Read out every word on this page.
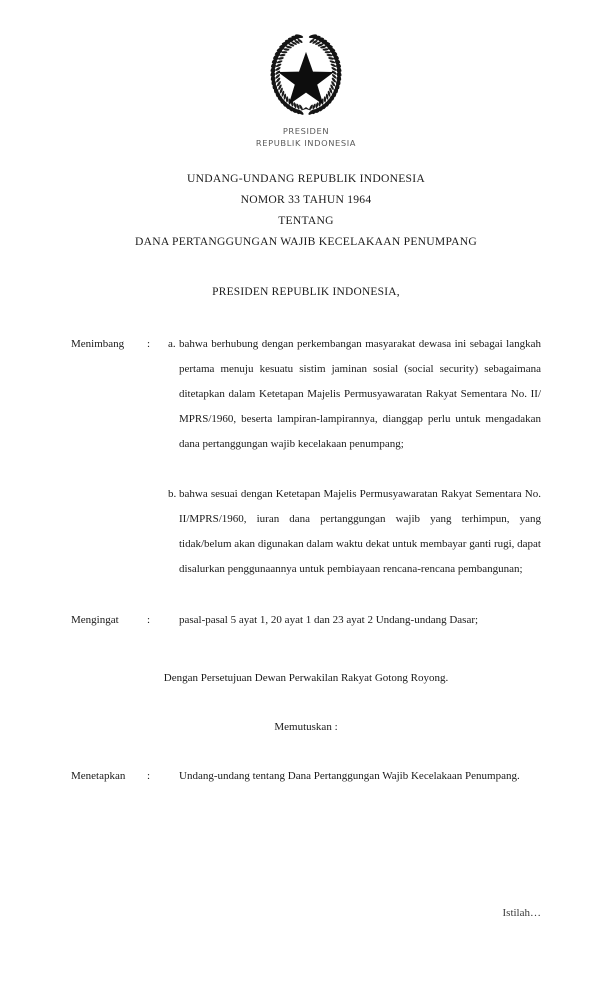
PRESIDEN
REPUBLIK INDONESIA
UNDANG-UNDANG REPUBLIK INDONESIA
NOMOR 33 TAHUN 1964
TENTANG
DANA PERTANGGUNGAN WAJIB KECELAKAAN PENUMPANG
PRESIDEN REPUBLIK INDONESIA,
Menimbang	:	a. bahwa berhubung dengan perkembangan masyarakat dewasa ini sebagai langkah pertama menuju kesuatu sistim jaminan sosial (social security) sebagaimana ditetapkan dalam Ketetapan Majelis Permusyawaratan Rakyat Sementara No. II/ MPRS/1960, beserta lampiran-lampirannya, dianggap perlu untuk mengadakan dana pertanggungan wajib kecelakaan penumpang;
b. bahwa sesuai dengan Ketetapan Majelis Permusyawaratan Rakyat Sementara No. II/MPRS/1960, iuran dana pertanggungan wajib yang terhimpun, yang tidak/belum akan digunakan dalam waktu dekat untuk membayar ganti rugi, dapat disalurkan penggunaannya untuk pembiayaan rencana-rencana pembangunan;
Mengingat	:	pasal-pasal 5 ayat 1, 20 ayat 1 dan 23 ayat 2 Undang-undang Dasar;
Dengan Persetujuan Dewan Perwakilan Rakyat Gotong Royong.
Memutuskan :
Menetapkan	:	Undang-undang tentang Dana Pertanggungan Wajib Kecelakaan Penumpang.
Istilah…
